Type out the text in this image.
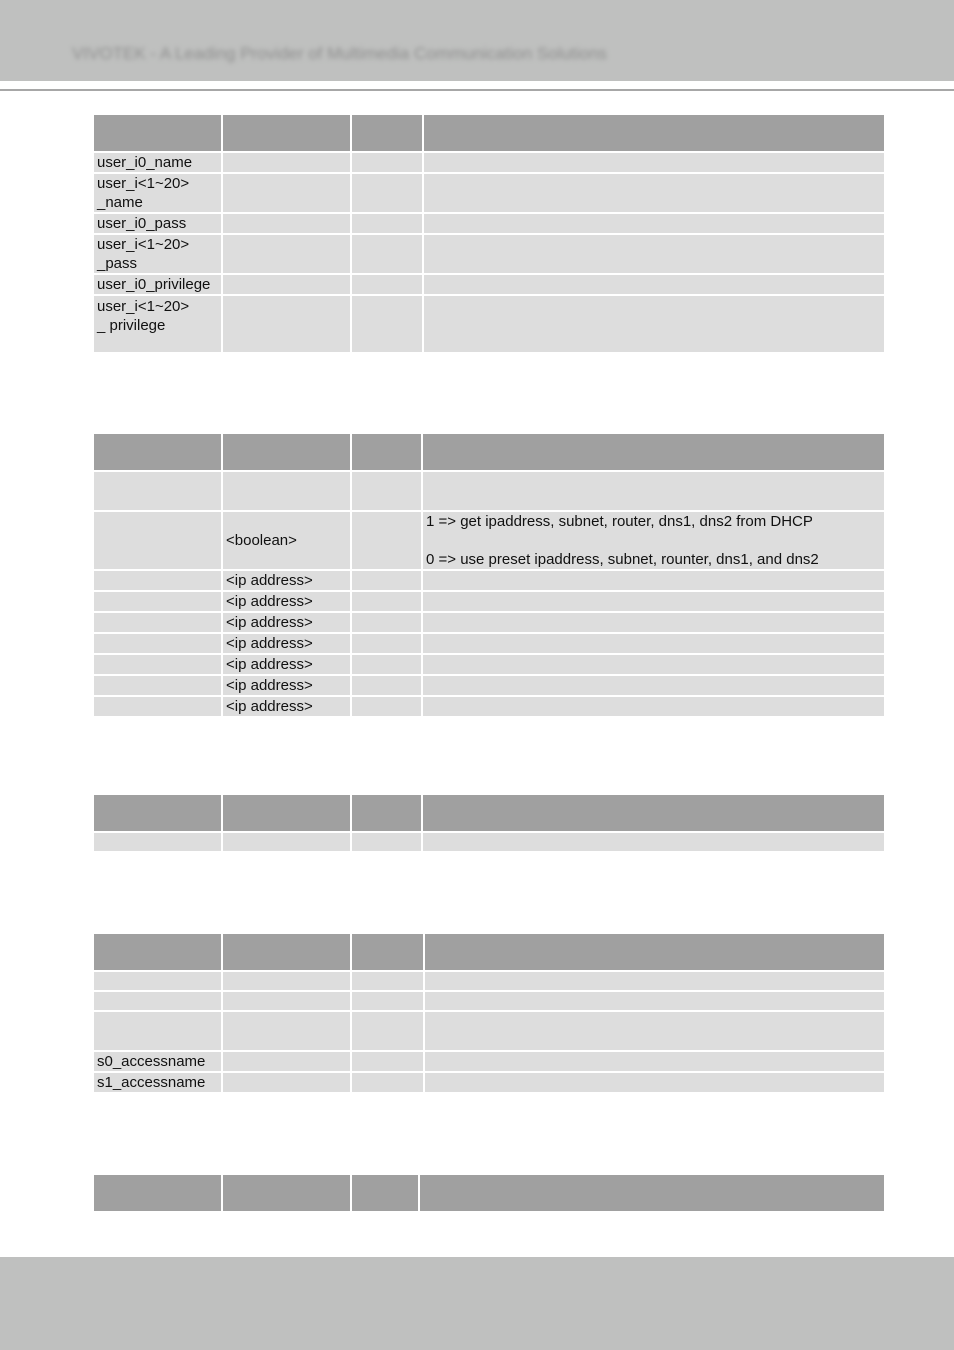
VIVOTEK - A Leading Provider of Multimedia Communication Solutions

user_i0_name			
user_i<1~20>
_name			
user_i0_pass			
user_i<1~20>
_pass			
user_i0_privilege			
user_i<1~20>
_ privilege			

	<boolean>		1 => get ipaddress, subnet, router, dns1, dns2 from DHCP
0 => use preset ipaddress, subnet, rounter, dns1, and dns2

	<ip address>		
	<ip address>		
	<ip address>		
	<ip address>		
	<ip address>		
	<ip address>		
	<ip address>		

s0_accessname			
s1_accessname			
